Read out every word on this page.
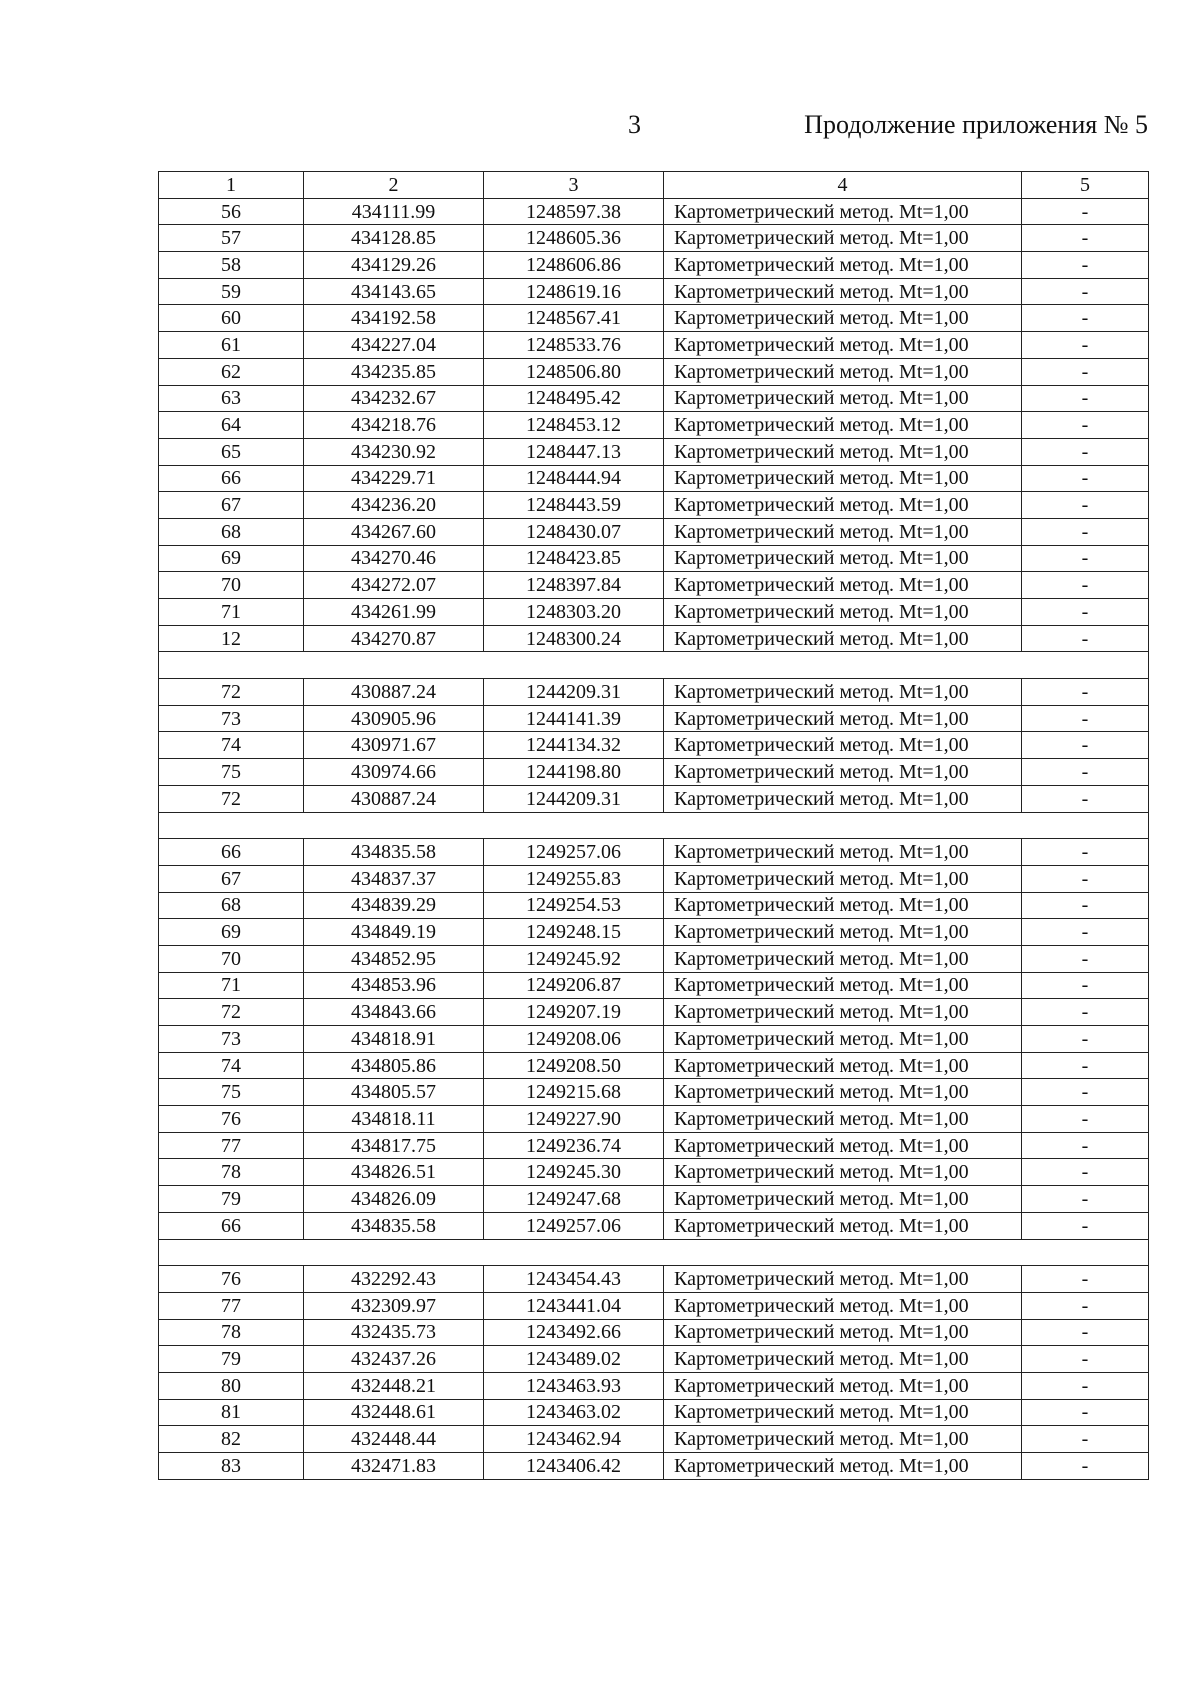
3	Продолжение приложения № 5
1	2	3	4	5
56	434111.99	1248597.38	Картометрический метод. Mt=1,00	-
57	434128.85	1248605.36	Картометрический метод. Mt=1,00	-
58	434129.26	1248606.86	Картометрический метод. Mt=1,00	-
59	434143.65	1248619.16	Картометрический метод. Mt=1,00	-
60	434192.58	1248567.41	Картометрический метод. Mt=1,00	-
61	434227.04	1248533.76	Картометрический метод. Mt=1,00	-
62	434235.85	1248506.80	Картометрический метод. Mt=1,00	-
63	434232.67	1248495.42	Картометрический метод. Mt=1,00	-
64	434218.76	1248453.12	Картометрический метод. Mt=1,00	-
65	434230.92	1248447.13	Картометрический метод. Mt=1,00	-
66	434229.71	1248444.94	Картометрический метод. Mt=1,00	-
67	434236.20	1248443.59	Картометрический метод. Mt=1,00	-
68	434267.60	1248430.07	Картометрический метод. Mt=1,00	-
69	434270.46	1248423.85	Картометрический метод. Mt=1,00	-
70	434272.07	1248397.84	Картометрический метод. Mt=1,00	-
71	434261.99	1248303.20	Картометрический метод. Mt=1,00	-
12	434270.87	1248300.24	Картометрический метод. Mt=1,00	-

72	430887.24	1244209.31	Картометрический метод. Mt=1,00	-
73	430905.96	1244141.39	Картометрический метод. Mt=1,00	-
74	430971.67	1244134.32	Картометрический метод. Mt=1,00	-
75	430974.66	1244198.80	Картометрический метод. Mt=1,00	-
72	430887.24	1244209.31	Картометрический метод. Mt=1,00	-

66	434835.58	1249257.06	Картометрический метод. Mt=1,00	-
67	434837.37	1249255.83	Картометрический метод. Mt=1,00	-
68	434839.29	1249254.53	Картометрический метод. Mt=1,00	-
69	434849.19	1249248.15	Картометрический метод. Mt=1,00	-
70	434852.95	1249245.92	Картометрический метод. Mt=1,00	-
71	434853.96	1249206.87	Картометрический метод. Mt=1,00	-
72	434843.66	1249207.19	Картометрический метод. Mt=1,00	-
73	434818.91	1249208.06	Картометрический метод. Mt=1,00	-
74	434805.86	1249208.50	Картометрический метод. Mt=1,00	-
75	434805.57	1249215.68	Картометрический метод. Mt=1,00	-
76	434818.11	1249227.90	Картометрический метод. Mt=1,00	-
77	434817.75	1249236.74	Картометрический метод. Mt=1,00	-
78	434826.51	1249245.30	Картометрический метод. Mt=1,00	-
79	434826.09	1249247.68	Картометрический метод. Mt=1,00	-
66	434835.58	1249257.06	Картометрический метод. Mt=1,00	-

76	432292.43	1243454.43	Картометрический метод. Mt=1,00	-
77	432309.97	1243441.04	Картометрический метод. Mt=1,00	-
78	432435.73	1243492.66	Картометрический метод. Mt=1,00	-
79	432437.26	1243489.02	Картометрический метод. Mt=1,00	-
80	432448.21	1243463.93	Картометрический метод. Mt=1,00	-
81	432448.61	1243463.02	Картометрический метод. Mt=1,00	-
82	432448.44	1243462.94	Картометрический метод. Mt=1,00	-
83	432471.83	1243406.42	Картометрический метод. Mt=1,00	-
